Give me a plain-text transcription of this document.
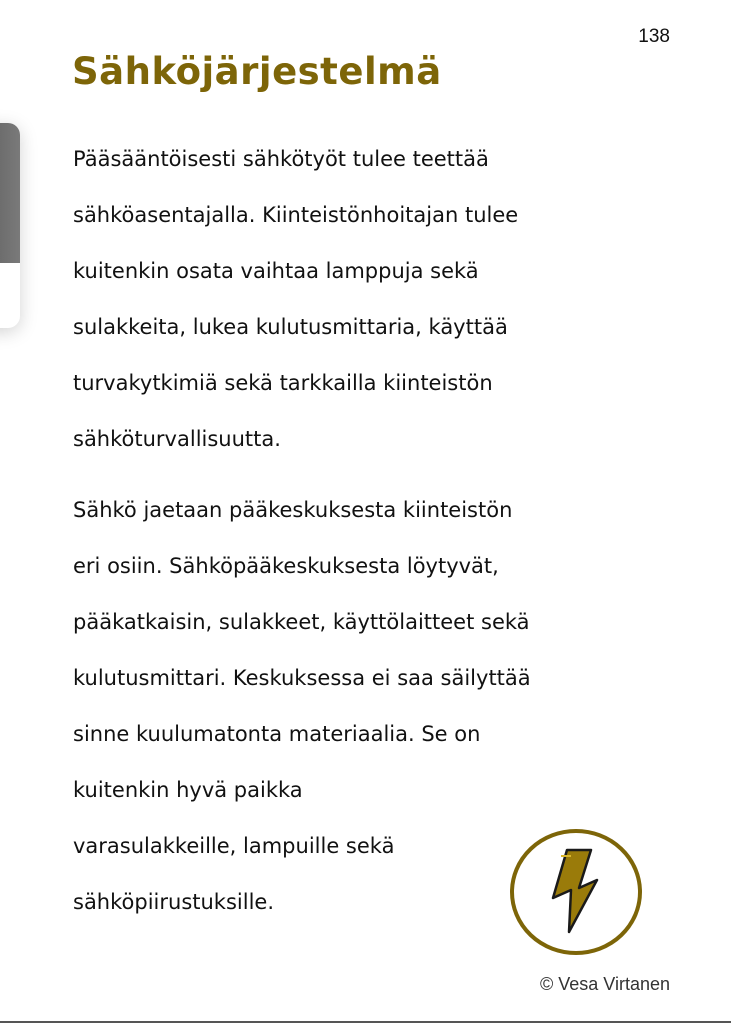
138
Sähköjärjestelmä

Pääsääntöisesti sähkötyöt tulee teettää
sähköasentajalla. Kiinteistönhoitajan tulee
kuitenkin osata vaihtaa lamppuja sekä
sulakkeita, lukea kulutusmittaria, käyttää
turvakytkimiä sekä tarkkailla kiinteistön
sähköturvallisuutta.

Sähkö jaetaan pääkeskuksesta kiinteistön
eri osiin. Sähköpääkeskuksesta löytyvät,
pääkatkaisin, sulakkeet, käyttölaitteet sekä
kulutusmittari. Keskuksessa ei saa säilyttää
sinne kuulumatonta materiaalia. Se on
kuitenkin hyvä paikka
varasulakkeille, lampuille sekä
sähköpiirustuksille.

© Vesa Virtanen
